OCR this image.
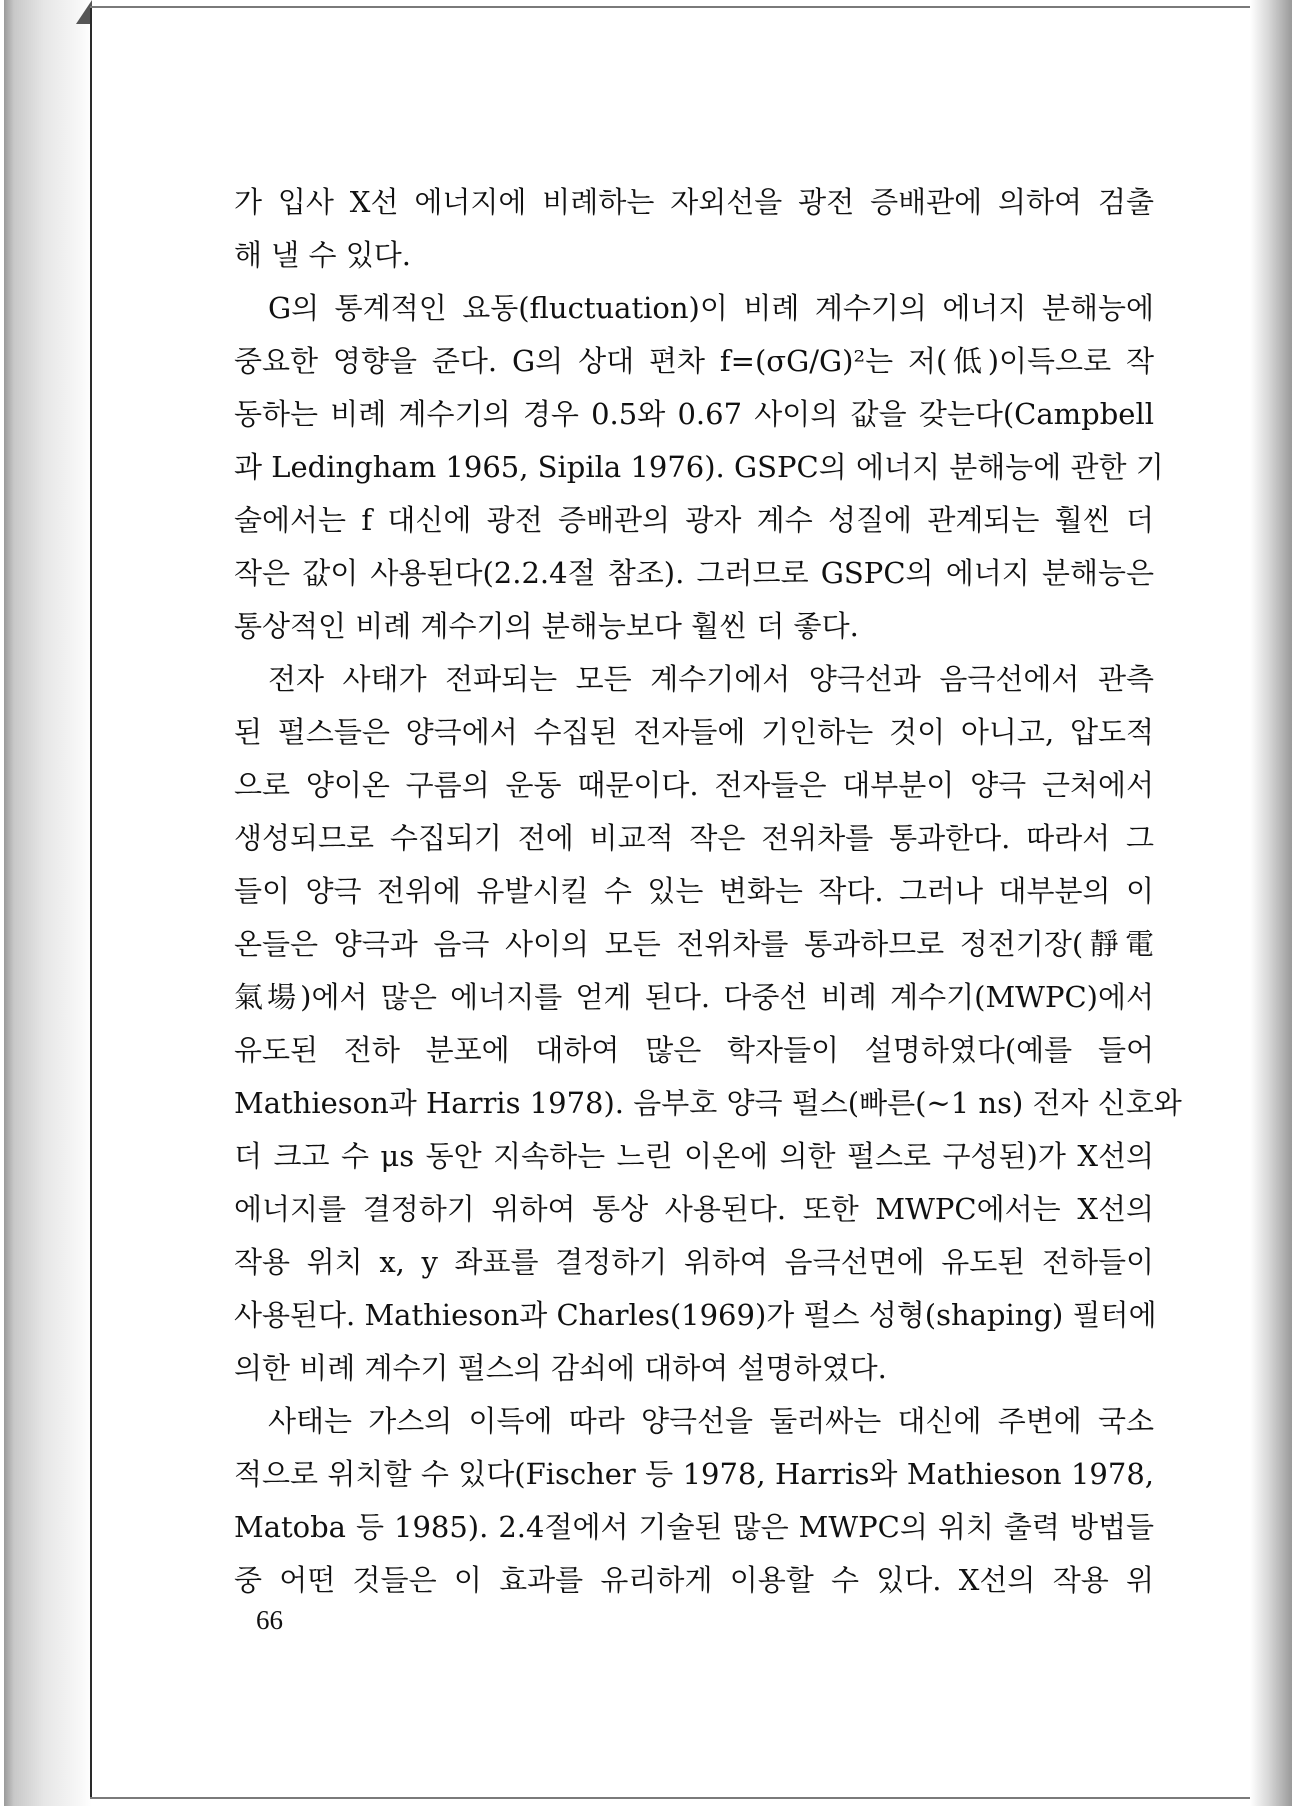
가 입사 X선 에너지에 비례하는 자외선을 광전 증배관에 의하여 검출
해 낼 수 있다.
G의 통계적인 요동(fluctuation)이 비례 계수기의 에너지 분해능에
중요한 영향을 준다. G의 상대 편차 f=(σG/G)²는 저(低)이득으로 작
동하는 비례 계수기의 경우 0.5와 0.67 사이의 값을 갖는다(Campbell
과 Ledingham 1965, Sipila 1976). GSPC의 에너지 분해능에 관한 기
술에서는 f 대신에 광전 증배관의 광자 계수 성질에 관계되는 훨씬 더
작은 값이 사용된다(2.2.4절 참조). 그러므로 GSPC의 에너지 분해능은
통상적인 비례 계수기의 분해능보다 훨씬 더 좋다.
전자 사태가 전파되는 모든 계수기에서 양극선과 음극선에서 관측
된 펄스들은 양극에서 수집된 전자들에 기인하는 것이 아니고, 압도적
으로 양이온 구름의 운동 때문이다. 전자들은 대부분이 양극 근처에서
생성되므로 수집되기 전에 비교적 작은 전위차를 통과한다. 따라서 그
들이 양극 전위에 유발시킬 수 있는 변화는 작다. 그러나 대부분의 이
온들은 양극과 음극 사이의 모든 전위차를 통과하므로 정전기장(靜電
氣場)에서 많은 에너지를 얻게 된다. 다중선 비례 계수기(MWPC)에서
유도된 전하 분포에 대하여 많은 학자들이 설명하였다(예를 들어
Mathieson과 Harris 1978). 음부호 양극 펄스(빠른(~1 ns) 전자 신호와
더 크고 수 μs 동안 지속하는 느린 이온에 의한 펄스로 구성된)가 X선의
에너지를 결정하기 위하여 통상 사용된다. 또한 MWPC에서는 X선의
작용 위치 x, y 좌표를 결정하기 위하여 음극선면에 유도된 전하들이
사용된다. Mathieson과 Charles(1969)가 펄스 성형(shaping) 필터에
의한 비례 계수기 펄스의 감쇠에 대하여 설명하였다.
사태는 가스의 이득에 따라 양극선을 둘러싸는 대신에 주변에 국소
적으로 위치할 수 있다(Fischer 등 1978, Harris와 Mathieson 1978,
Matoba 등 1985). 2.4절에서 기술된 많은 MWPC의 위치 출력 방법들
중 어떤 것들은 이 효과를 유리하게 이용할 수 있다. X선의 작용 위
66
